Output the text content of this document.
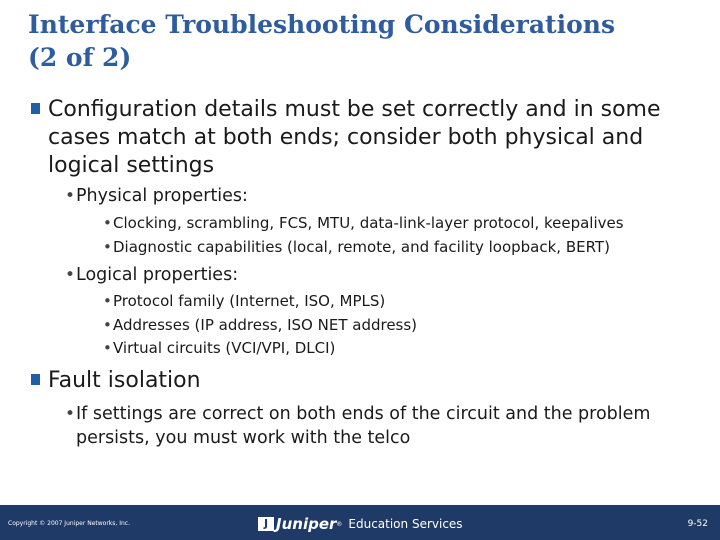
Interface Troubleshooting Considerations
(2 of 2)
Configuration details must be set correctly and in some cases match at both ends; consider both physical and logical settings
• Physical properties:
• Clocking, scrambling, FCS, MTU, data-link-layer protocol, keepalives
• Diagnostic capabilities (local, remote, and facility loopback, BERT)
• Logical properties:
• Protocol family (Internet, ISO, MPLS)
• Addresses (IP address, ISO NET address)
• Virtual circuits (VCI/VPI, DLCI)
Fault isolation
• If settings are correct on both ends of the circuit and the problem persists, you must work with the telco
Copyright © 2007 Juniper Networks, Inc.	J Juniper ® Education Services	9-52
